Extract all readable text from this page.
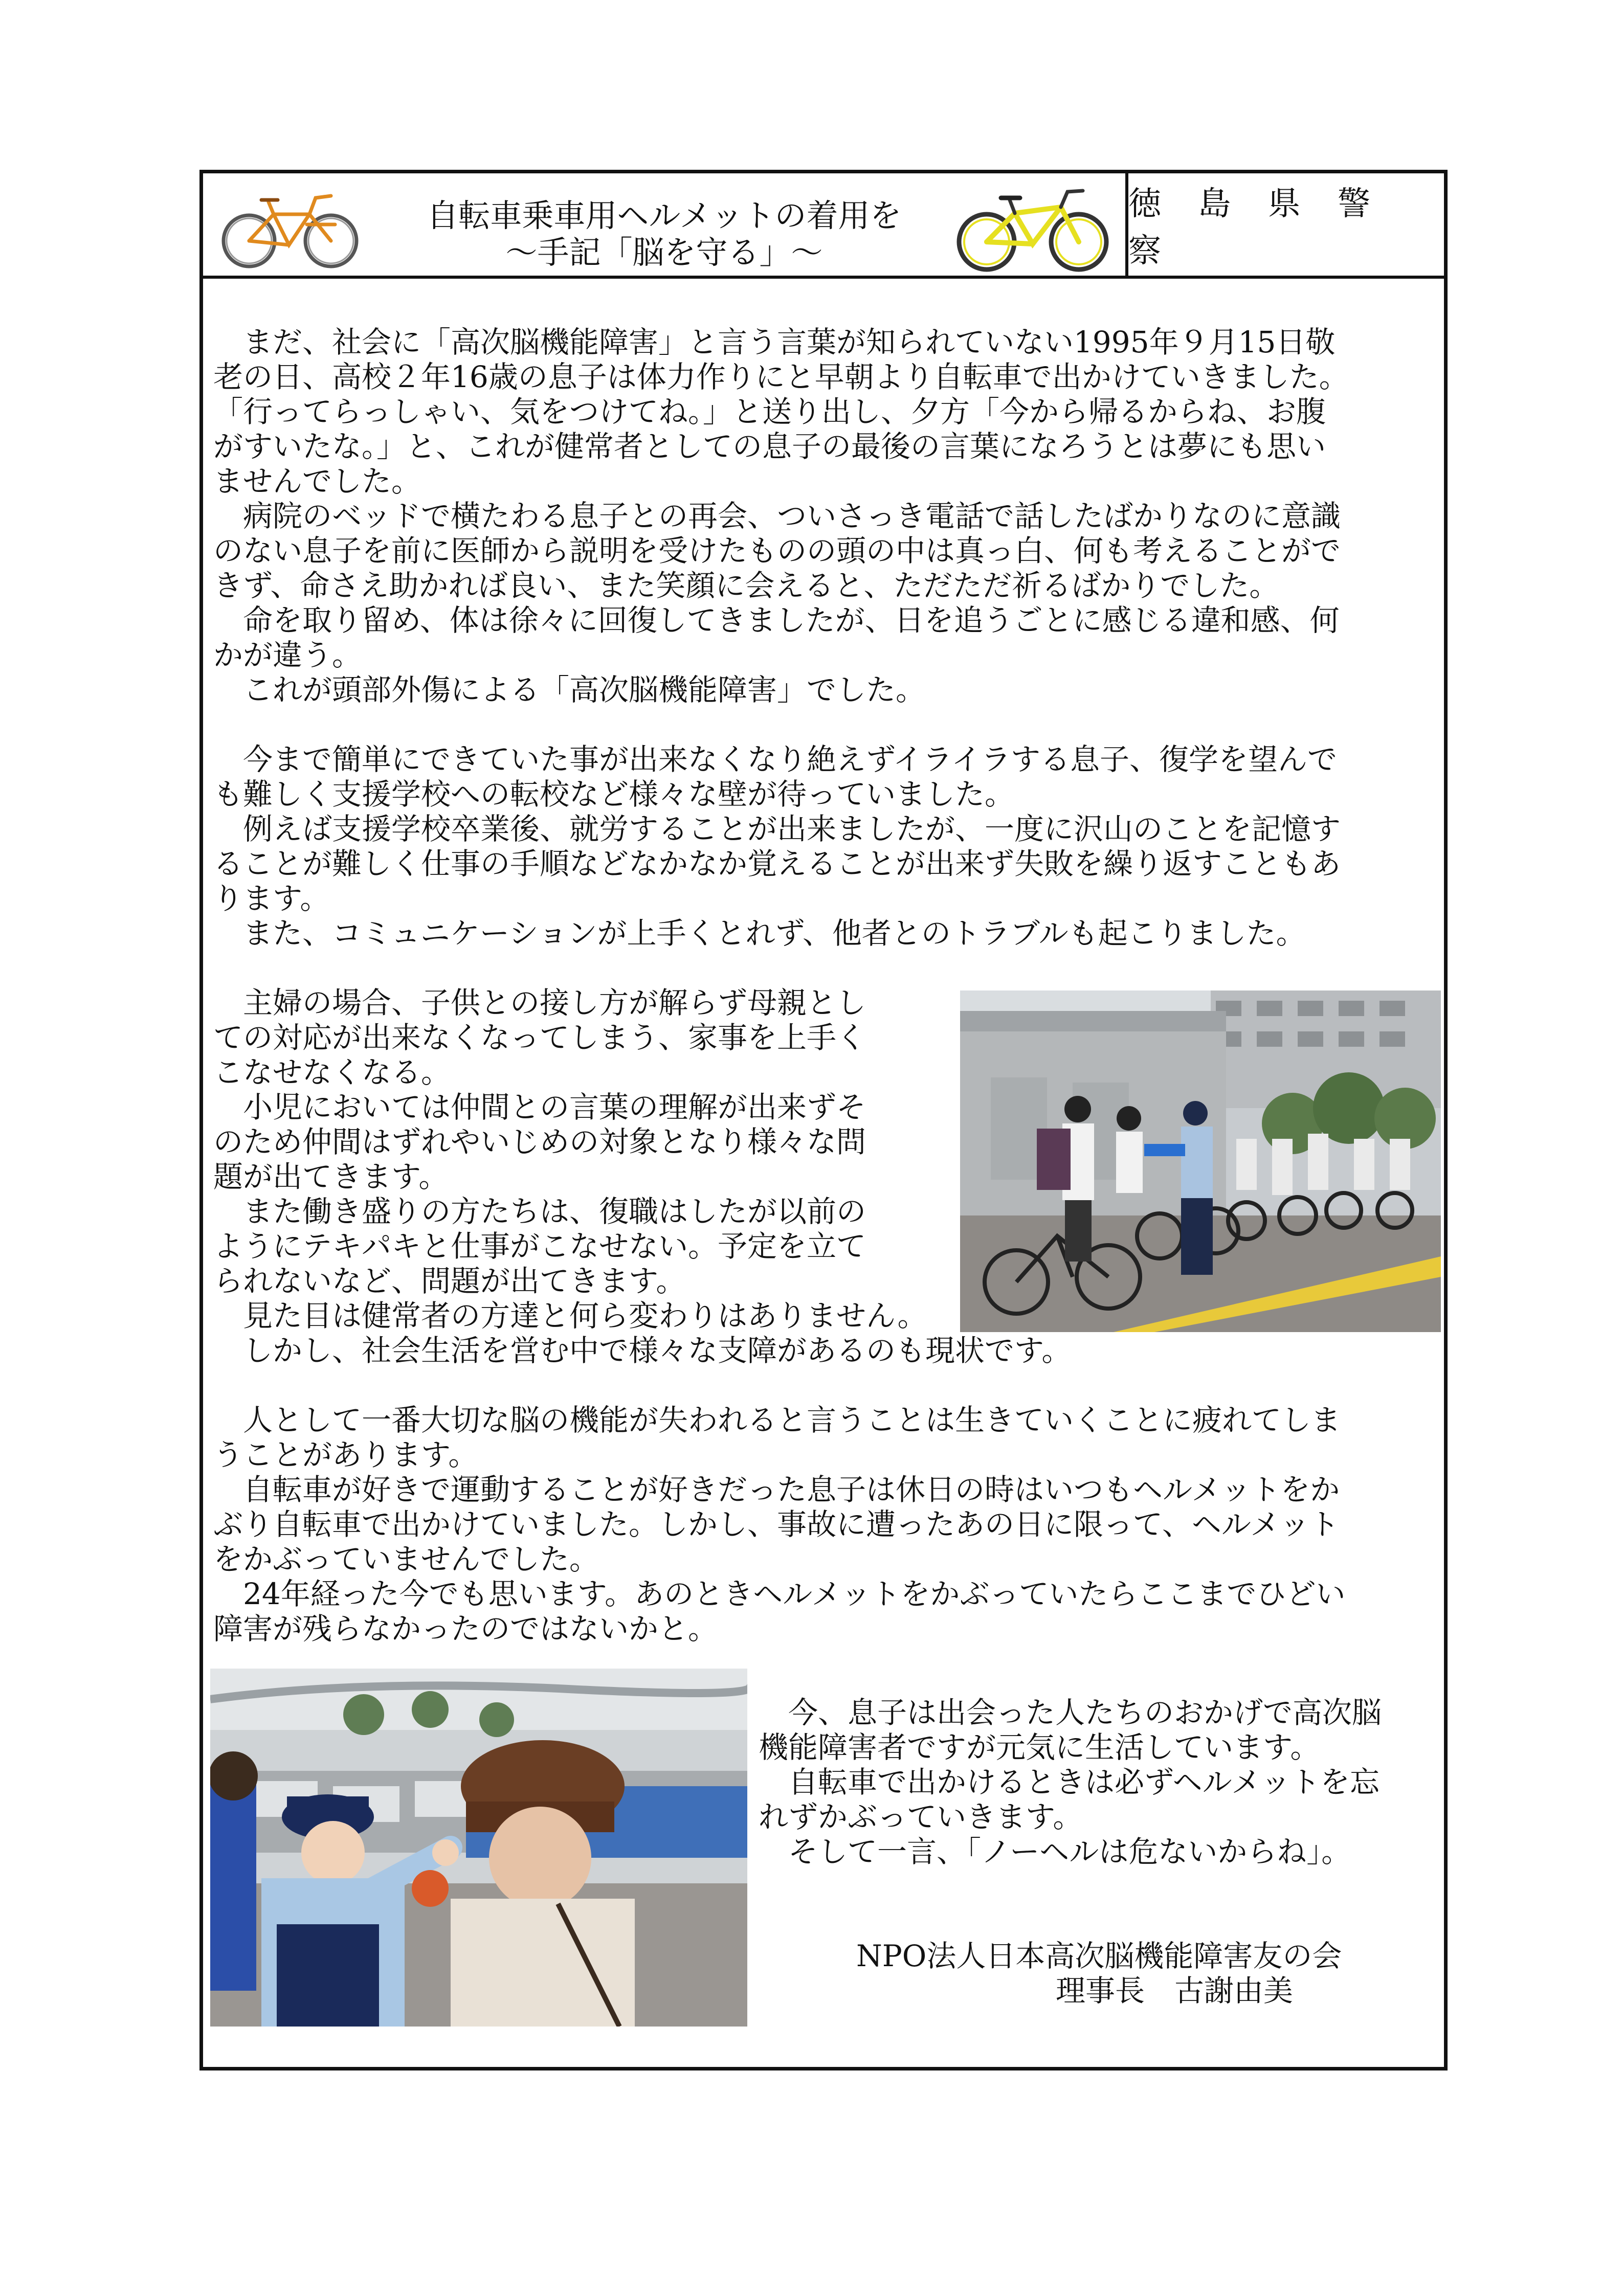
自転車乗車用ヘルメットの着用を
～手記「脳を守る」～
徳 島 県 警 察
　まだ、社会に「高次脳機能障害」と言う言葉が知られていない1995年９月15日敬
老の日、高校２年16歳の息子は体力作りにと早朝より自転車で出かけていきました。
「行ってらっしゃい、気をつけてね。」と送り出し、夕方「今から帰るからね、お腹
がすいたな。」と、これが健常者としての息子の最後の言葉になろうとは夢にも思い
ませんでした。
　病院のベッドで横たわる息子との再会、ついさっき電話で話したばかりなのに意識
のない息子を前に医師から説明を受けたものの頭の中は真っ白、何も考えることがで
きず、命さえ助かれば良い、また笑顔に会えると、ただただ祈るばかりでした。
　命を取り留め、体は徐々に回復してきましたが、日を追うごとに感じる違和感、何
かが違う。
　これが頭部外傷による「高次脳機能障害」でした。
　今まで簡単にできていた事が出来なくなり絶えずイライラする息子、復学を望んで
も難しく支援学校への転校など様々な壁が待っていました。
　例えば支援学校卒業後、就労することが出来ましたが、一度に沢山のことを記憶す
ることが難しく仕事の手順などなかなか覚えることが出来ず失敗を繰り返すこともあ
ります。
　また、コミュニケーションが上手くとれず、他者とのトラブルも起こりました。
　主婦の場合、子供との接し方が解らず母親とし
ての対応が出来なくなってしまう、家事を上手く
こなせなくなる。
　小児においては仲間との言葉の理解が出来ずそ
のため仲間はずれやいじめの対象となり様々な問
題が出てきます。
　また働き盛りの方たちは、復職はしたが以前の
ようにテキパキと仕事がこなせない。予定を立て
られないなど、問題が出てきます。
　見た目は健常者の方達と何ら変わりはありません。
　しかし、社会生活を営む中で様々な支障があるのも現状です。
　人として一番大切な脳の機能が失われると言うことは生きていくことに疲れてしま
うことがあります。
　自転車が好きで運動することが好きだった息子は休日の時はいつもヘルメットをか
ぶり自転車で出かけていました。しかし、事故に遭ったあの日に限って、ヘルメット
をかぶっていませんでした。
　24年経った今でも思います。あのときヘルメットをかぶっていたらここまでひどい
障害が残らなかったのではないかと。
　今、息子は出会った人たちのおかげで高次脳
機能障害者ですが元気に生活しています。
　自転車で出かけるときは必ずヘルメットを忘
れずかぶっていきます。
　そして一言、「ノーヘルは危ないからね」。
NPO法人日本高次脳機能障害友の会
理事長　古謝由美
